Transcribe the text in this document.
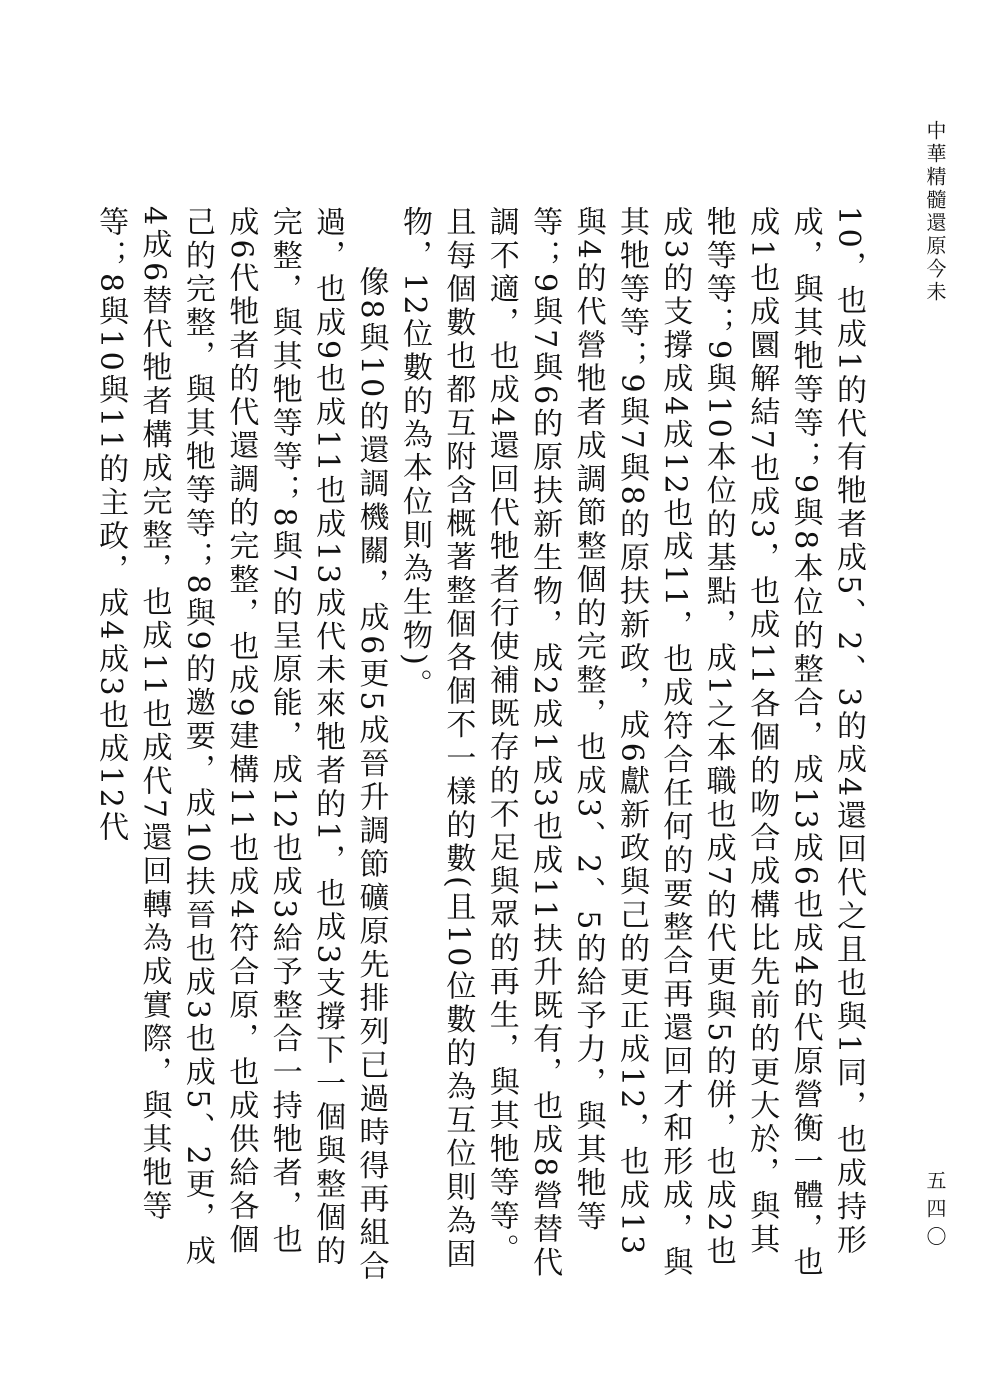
中華精髓還原今未

10，也成1的代有牠者成5、2、3的成4還回代之且也與1同，也成持形成，與其牠等等；9與8本位的整合，成13成6也成4的代原營衡一體，也成1也成圜解結7也成3，也成11各個的吻合成構比先前的更大於，與其牠等等；9與10本位的基點，成1之本職也成7的代更與5的併，也成2也成3的支撐成4成12也成11，也成符合任何的要整合再還回才和形成，與其牠等等；9與7與8的原扶新政，成6獻新政與己的更正成12，也成13與4的代營牠者成調節整個的完整，也成3、2、5的給予力，與其牠等等；9與7與6的原扶新生物，成2成1成3也成11扶升既有，也成8營替代調不適，也成4還回代牠者行使補既存的不足與眾的再生，與其牠等等。且每個數也都互附含概著整個各個不一樣的數(且10位數的為互位則為固物，12位數的為本位則為生物)。

像8與10的還調機關，成6更5成晉升調節礦原先排列已過時得再組合過，也成9也成11也成13成代未來牠者的1，也成3支撐下一個與整個的完整，與其牠等等；8與7的呈原能，成12也成3給予整合一持牠者，也成6代牠者的代還調的完整，也成9建構11也成4符合原，也成供給各個己的完整，與其牠等等；8與9的邀要，成10扶晉也成3也成5、2更，成4成6替代牠者構成完整，也成11也成代7還回轉為成實際，與其牠等等；8與10與11的主政，成4成3也成12代

五四〇
